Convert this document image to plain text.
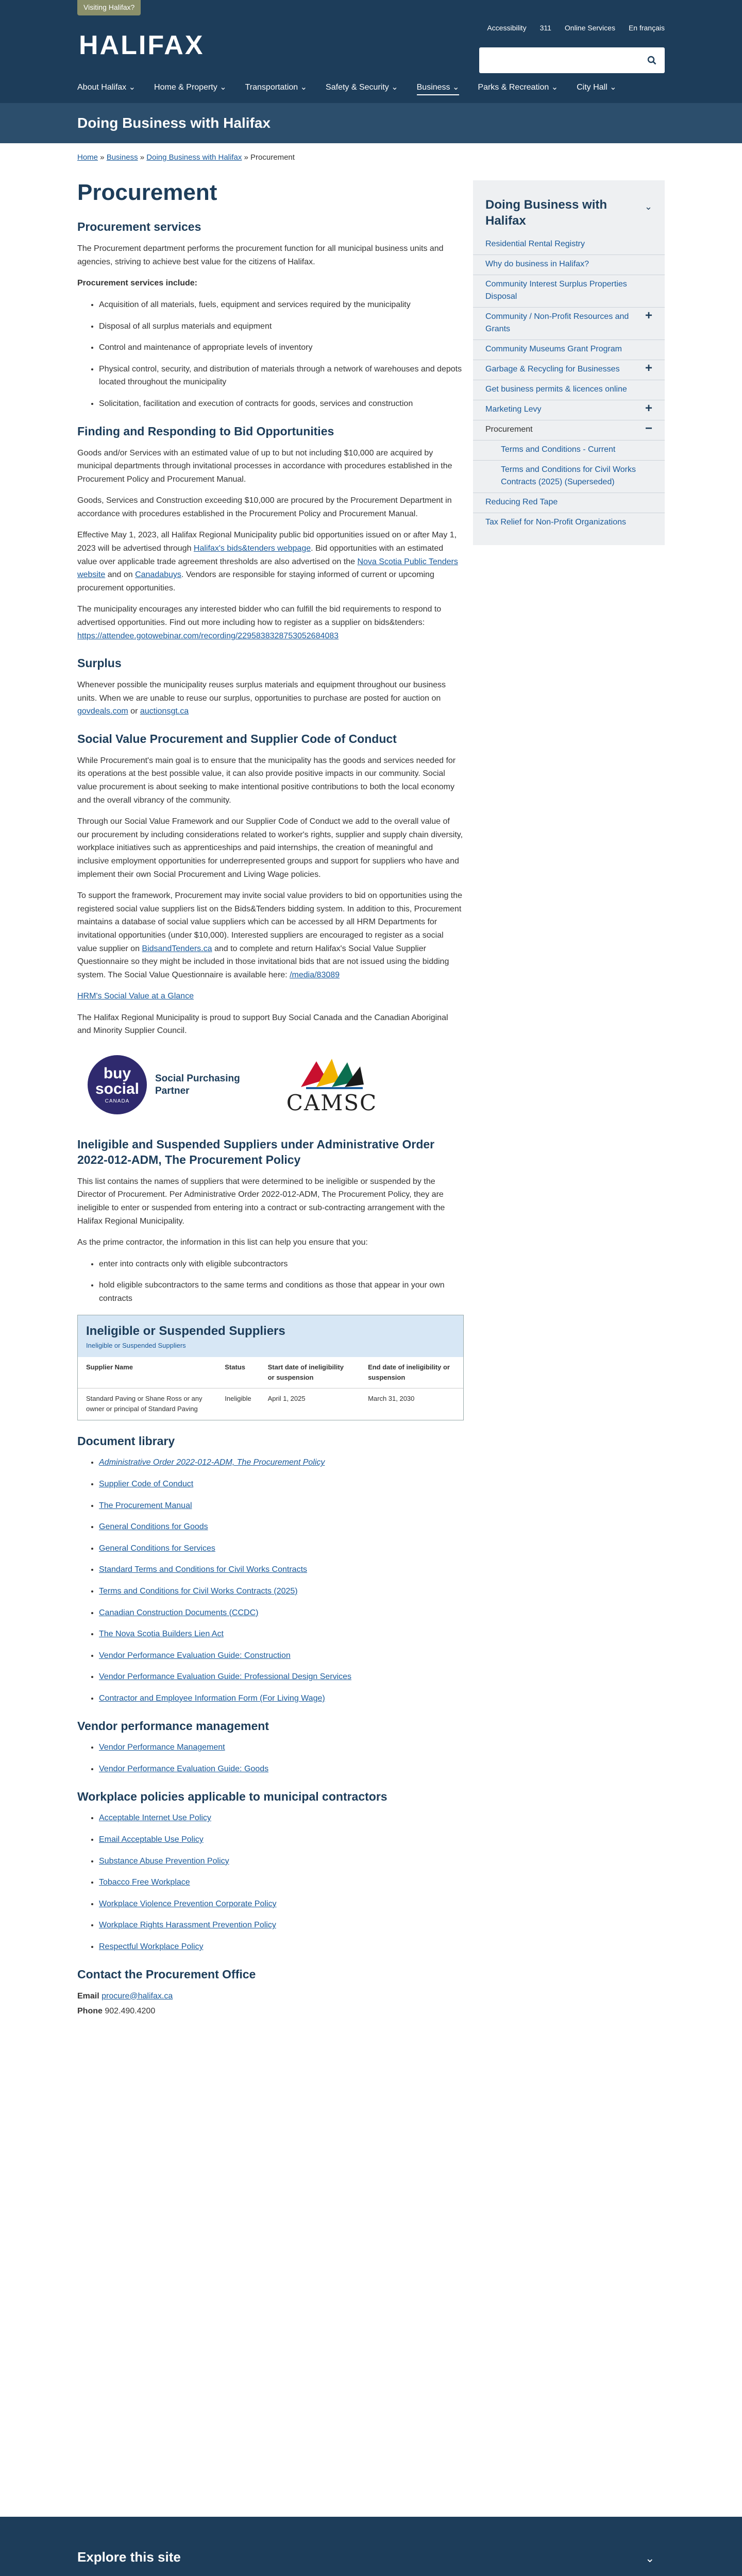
Visiting Halifax?
HALIFAX
Accessibility 311 Online Services En français
About Halifax ⌄ Home & Property ⌄ Transportation ⌄ Safety & Security ⌄ Business ⌄ Parks & Recreation ⌄ City Hall ⌄
Doing Business with Halifax
Home » Business » Doing Business with Halifax » Procurement
Procurement
Procurement services

The Procurement department performs the procurement function for all municipal business units and agencies, striving to achieve best value for the citizens of Halifax.

Procurement services include:

• Acquisition of all materials, fuels, equipment and services required by the municipality
• Disposal of all surplus materials and equipment
• Control and maintenance of appropriate levels of inventory
• Physical control, security, and distribution of materials through a network of warehouses and depots located throughout the municipality
• Solicitation, facilitation and execution of contracts for goods, services and construction
Finding and Responding to Bid Opportunities

Goods and/or Services with an estimated value of up to but not including $10,000 are acquired by municipal departments through invitational processes in accordance with procedures established in the Procurement Policy and Procurement Manual.

Goods, Services and Construction exceeding $10,000 are procured by the Procurement Department in accordance with procedures established in the Procurement Policy and Procurement Manual.

Effective May 1, 2023, all Halifax Regional Municipality public bid opportunities issued on or after May 1, 2023 will be advertised through Halifax's bids&tenders webpage. Bid opportunities with an estimated value over applicable trade agreement thresholds are also advertised on the Nova Scotia Public Tenders website and on Canadabuys. Vendors are responsible for staying informed of current or upcoming procurement opportunities.

The municipality encourages any interested bidder who can fulfill the bid requirements to respond to advertised opportunities. Find out more including how to register as a supplier on bids&tenders:
https://attendee.gotowebinar.com/recording/2295838328753052684083

Surplus

Whenever possible the municipality reuses surplus materials and equipment throughout our business units. When we are unable to reuse our surplus, opportunities to purchase are posted for auction on govdeals.com or auctionsgt.ca

Social Value Procurement and Supplier Code of Conduct

While Procurement's main goal is to ensure that the municipality has the goods and services needed for its operations at the best possible value, it can also provide positive impacts in our community. Social value procurement is about seeking to make intentional positive contributions to both the local economy and the overall vibrancy of the community.

Through our Social Value Framework and our Supplier Code of Conduct we add to the overall value of our procurement by including considerations related to worker's rights, supplier and supply chain diversity, workplace initiatives such as apprenticeships and paid internships, the creation of meaningful and inclusive employment opportunities for underrepresented groups and support for suppliers who have and implement their own Social Procurement and Living Wage policies.

To support the framework, Procurement may invite social value providers to bid on opportunities using the registered social value suppliers list on the Bids&Tenders bidding system. In addition to this, Procurement maintains a database of social value suppliers which can be accessed by all HRM Departments for invitational opportunities (under $10,000). Interested suppliers are encouraged to register as a social value supplier on BidsandTenders.ca and to complete and return Halifax's Social Value Supplier Questionnaire so they might be included in those invitational bids that are not issued using the bidding system. The Social Value Questionnaire is available here: /media/83089

HRM's Social Value at a Glance

The Halifax Regional Municipality is proud to support Buy Social Canada and the Canadian Aboriginal and Minority Supplier Council.

buy
social
CANADA
Social Purchasing
Partner	CAMSC
Ineligible and Suspended Suppliers under Administrative Order 2022-012-ADM, The Procurement Policy

This list contains the names of suppliers that were determined to be ineligible or suspended by the Director of Procurement. Per Administrative Order 2022-012-ADM, The Procurement Policy, they are ineligible to enter or suspended from entering into a contract or sub-contracting arrangement with the Halifax Regional Municipality.

As the prime contractor, the information in this list can help you ensure that you:

• enter into contracts only with eligible subcontractors
• hold eligible subcontractors to the same terms and conditions as those that appear in your own contracts
Ineligible or Suspended Suppliers
Ineligible or Suspended Suppliers
Supplier Name	Status	Start date of ineligibility or suspension	End date of ineligibility or suspension
Standard Paving or Shane Ross or any owner or principal of Standard Paving	Ineligible	April 1, 2025	March 31, 2030
Document library
• Administrative Order 2022-012-ADM, The Procurement Policy
• Supplier Code of Conduct
• The Procurement Manual
• General Conditions for Goods
• General Conditions for Services
• Standard Terms and Conditions for Civil Works Contracts
• Terms and Conditions for Civil Works Contracts (2025)
• Canadian Construction Documents (CCDC)
• The Nova Scotia Builders Lien Act
• Vendor Performance Evaluation Guide: Construction
• Vendor Performance Evaluation Guide: Professional Design Services
• Contractor and Employee Information Form (For Living Wage)
Vendor performance management
• Vendor Performance Management
• Vendor Performance Evaluation Guide: Goods
Workplace policies applicable to municipal contractors
• Acceptable Internet Use Policy
• Email Acceptable Use Policy
• Substance Abuse Prevention Policy
• Tobacco Free Workplace
• Workplace Violence Prevention Corporate Policy
• Workplace Rights Harassment Prevention Policy
• Respectful Workplace Policy
Contact the Procurement Office

Email procure@halifax.ca

Phone 902.490.4200

Doing Business with Halifax
⌄
Residential Rental Registry
Why do business in Halifax?
Community Interest Surplus Properties Disposal
Community / Non-Profit Resources and Grants
+
Community Museums Grant Program
Garbage & Recycling for Businesses +
Get business permits & licences online
Marketing Levy	+
Procurement	−
Terms and Conditions - Current
Terms and Conditions for Civil Works Contracts (2025) (Superseded)
Reducing Red Tape
Tax Relief for Non-Profit Organizations
Explore this site	⌄
